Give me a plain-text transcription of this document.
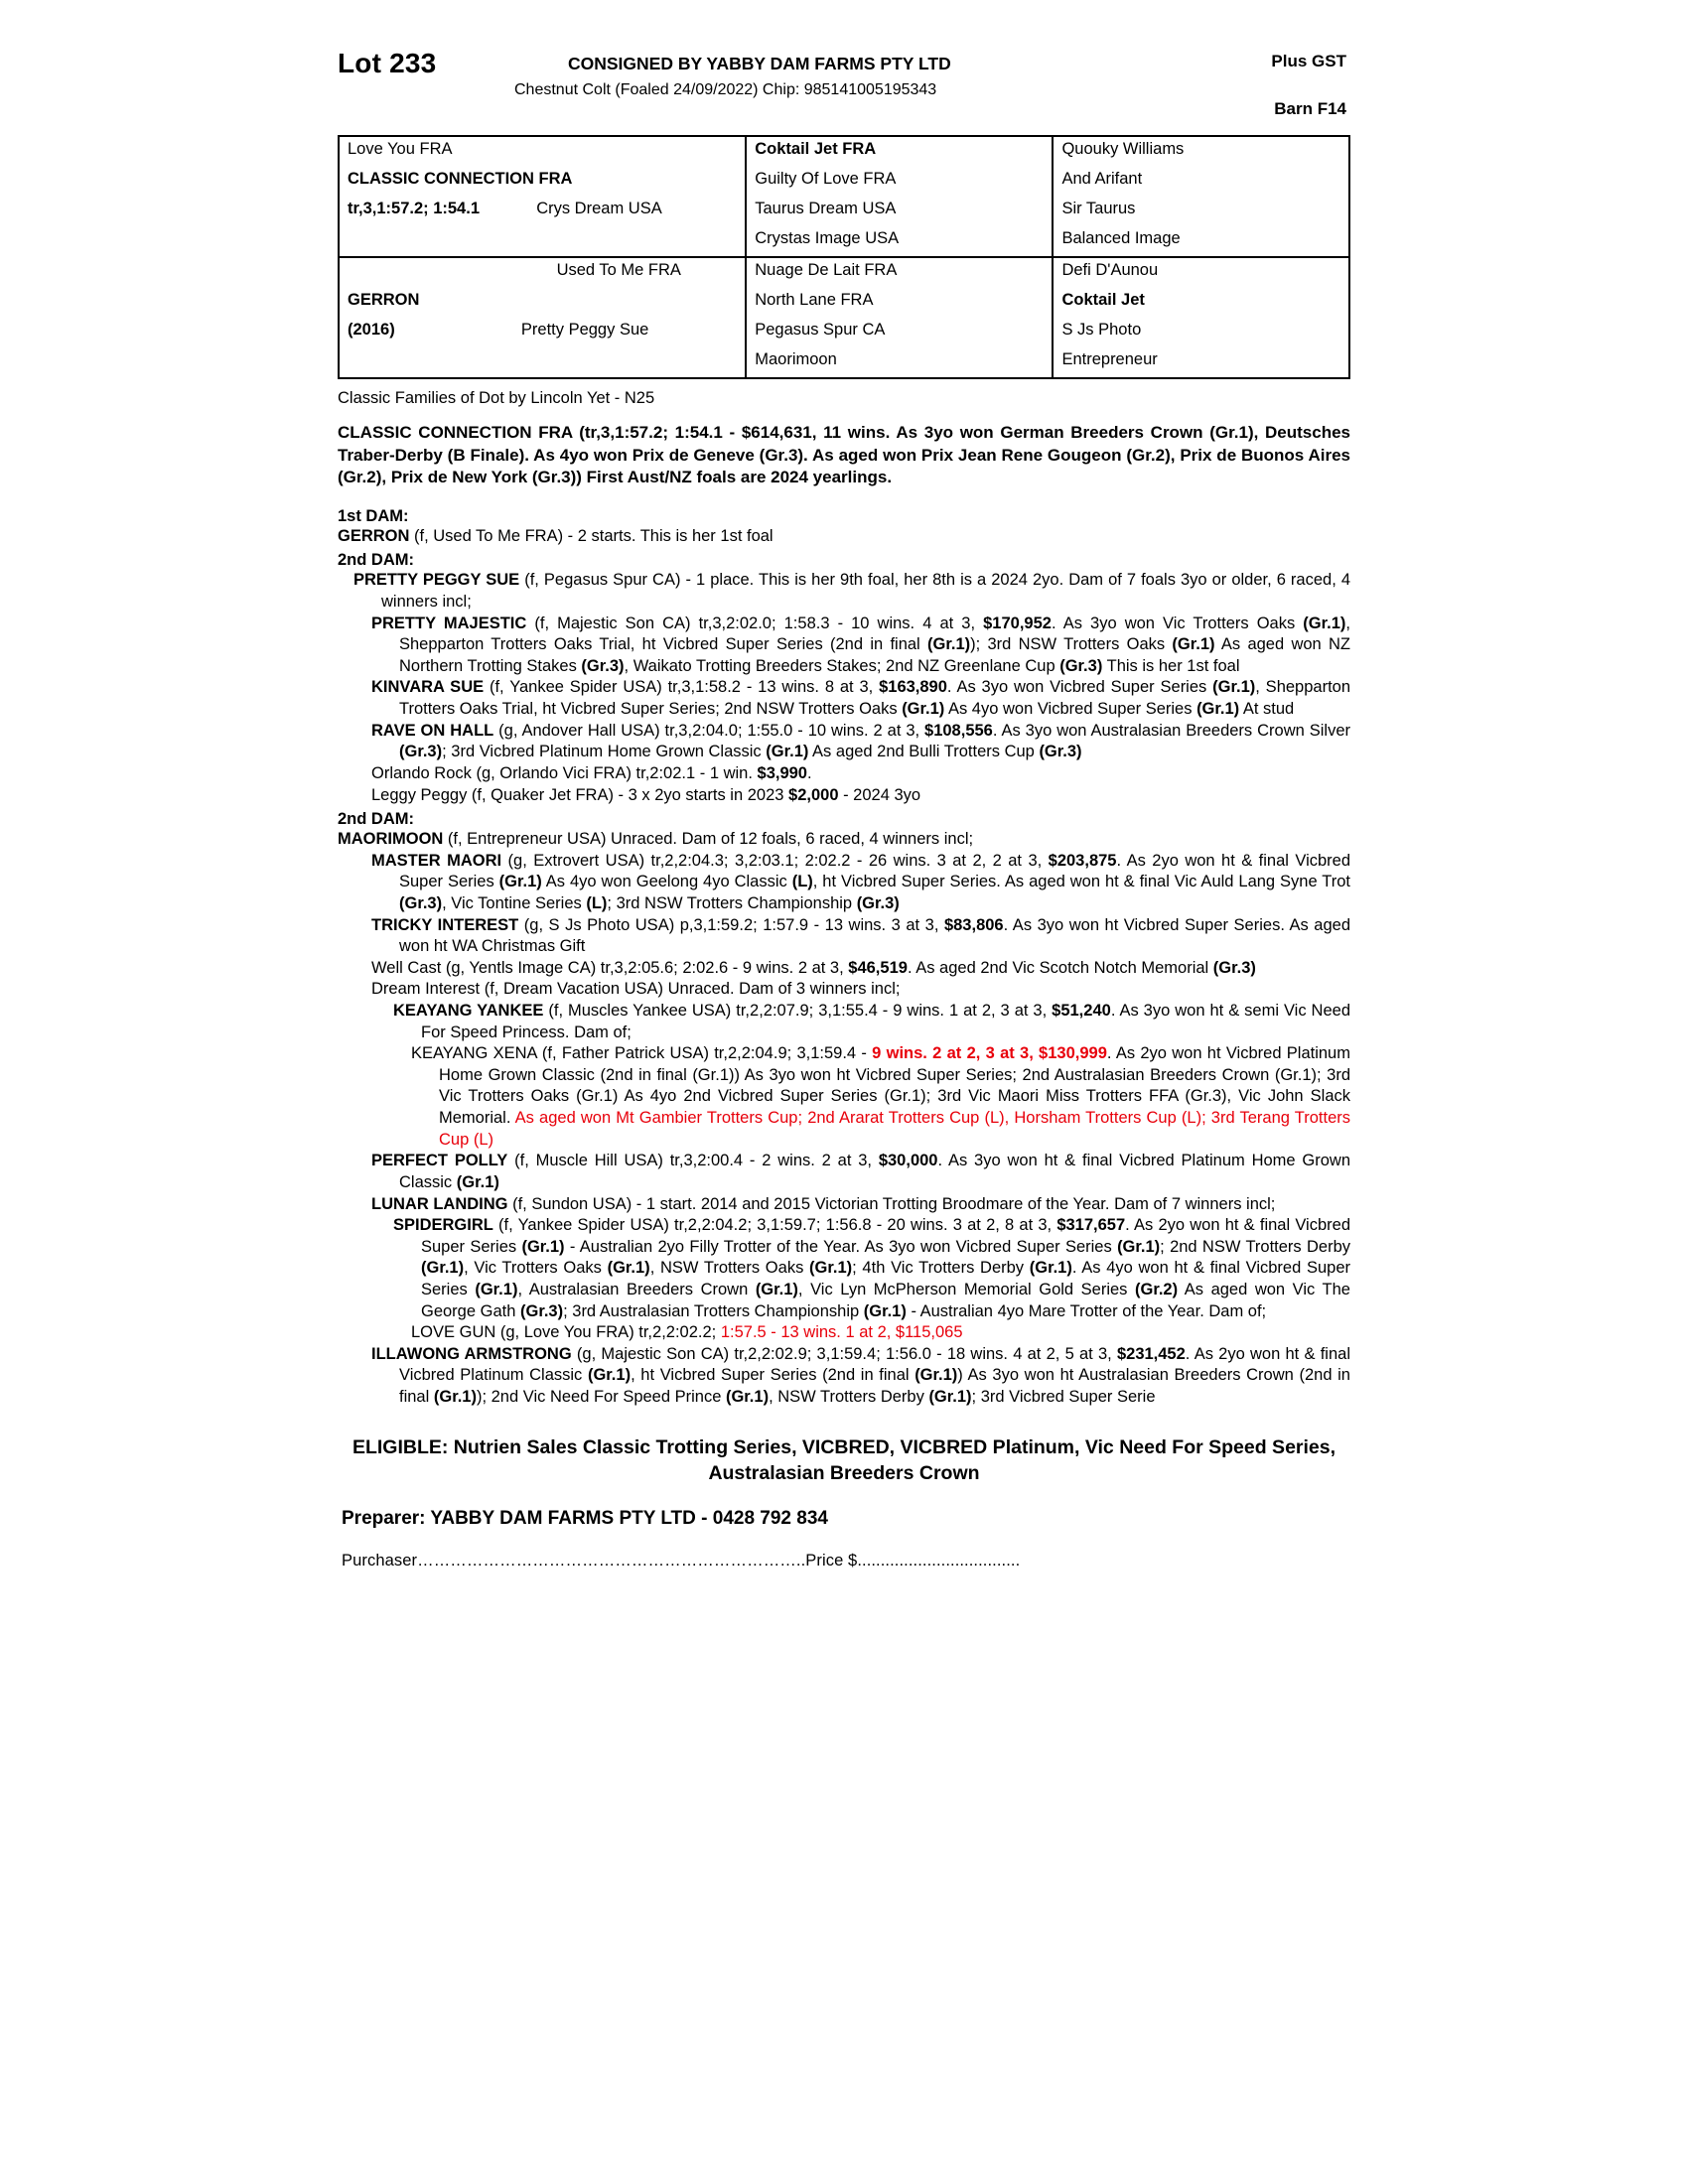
Lot 233	CONSIGNED BY YABBY DAM FARMS PTY LTD
Chestnut Colt (Foaled 24/09/2022) Chip: 985141005195343
Plus GST
Barn F14
Love You FRA	Coktail Jet FRA	Quouky Williams
CLASSIC CONNECTION FRA	Guilty Of Love FRA	And Arifant
tr,3,1:57.2; 1:54.1 Crys Dream USA	Taurus Dream USA	Sir Taurus
	Crystas Image USA	Balanced Image
Used To Me FRA	Nuage De Lait FRA	Defi D'Aunou
GERRON	North Lane FRA	Coktail Jet
(2016) Pretty Peggy Sue	Pegasus Spur CA	S Js Photo
	Maorimoon	Entrepreneur
Classic Families of Dot by Lincoln Yet - N25
CLASSIC CONNECTION FRA (tr,3,1:57.2; 1:54.1 - $614,631, 11 wins. As 3yo won German Breeders Crown (Gr.1), Deutsches Traber-Derby (B Finale). As 4yo won Prix de Geneve (Gr.3). As aged won Prix Jean Rene Gougeon (Gr.2), Prix de Buonos Aires (Gr.2), Prix de New York (Gr.3)) First Aust/NZ foals are 2024 yearlings.
1st DAM:

GERRON (f, Used To Me FRA) - 2 starts. This is her 1st foal

2nd DAM:

PRETTY PEGGY SUE (f, Pegasus Spur CA) - 1 place. This is her 9th foal, her 8th is a 2024 2yo. Dam of 7 foals 3yo or older, 6 raced, 4 winners incl;

PRETTY MAJESTIC (f, Majestic Son CA) tr,3,2:02.0; 1:58.3 - 10 wins. 4 at 3, $170,952. As 3yo won Vic Trotters Oaks (Gr.1), Shepparton Trotters Oaks Trial, ht Vicbred Super Series (2nd in final (Gr.1)); 3rd NSW Trotters Oaks (Gr.1) As aged won NZ Northern Trotting Stakes (Gr.3), Waikato Trotting Breeders Stakes; 2nd NZ Greenlane Cup (Gr.3) This is her 1st foal

KINVARA SUE (f, Yankee Spider USA) tr,3,1:58.2 - 13 wins. 8 at 3, $163,890. As 3yo won Vicbred Super Series (Gr.1), Shepparton Trotters Oaks Trial, ht Vicbred Super Series; 2nd NSW Trotters Oaks (Gr.1) As 4yo won Vicbred Super Series (Gr.1) At stud

RAVE ON HALL (g, Andover Hall USA) tr,3,2:04.0; 1:55.0 - 10 wins. 2 at 3, $108,556. As 3yo won Australasian Breeders Crown Silver (Gr.3); 3rd Vicbred Platinum Home Grown Classic (Gr.1) As aged 2nd Bulli Trotters Cup (Gr.3)

Orlando Rock (g, Orlando Vici FRA) tr,2:02.1 - 1 win. $3,990.

Leggy Peggy (f, Quaker Jet FRA) - 3 x 2yo starts in 2023 $2,000 - 2024 3yo

2nd DAM:

MAORIMOON (f, Entrepreneur USA) Unraced. Dam of 12 foals, 6 raced, 4 winners incl;

MASTER MAORI (g, Extrovert USA) tr,2,2:04.3; 3,2:03.1; 2:02.2 - 26 wins. 3 at 2, 2 at 3, $203,875. As 2yo won ht & final Vicbred Super Series (Gr.1) As 4yo won Geelong 4yo Classic (L), ht Vicbred Super Series. As aged won ht & final Vic Auld Lang Syne Trot (Gr.3), Vic Tontine Series (L); 3rd NSW Trotters Championship (Gr.3)

TRICKY INTEREST (g, S Js Photo USA) p,3,1:59.2; 1:57.9 - 13 wins. 3 at 3, $83,806. As 3yo won ht Vicbred Super Series. As aged won ht WA Christmas Gift

Well Cast (g, Yentls Image CA) tr,3,2:05.6; 2:02.6 - 9 wins. 2 at 3, $46,519. As aged 2nd Vic Scotch Notch Memorial (Gr.3)

Dream Interest (f, Dream Vacation USA) Unraced. Dam of 3 winners incl;

KEAYANG YANKEE (f, Muscles Yankee USA) tr,2,2:07.9; 3,1:55.4 - 9 wins. 1 at 2, 3 at 3, $51,240. As 3yo won ht & semi Vic Need For Speed Princess. Dam of;

KEAYANG XENA (f, Father Patrick USA) tr,2,2:04.9; 3,1:59.4 - 9 wins. 2 at 2, 3 at 3, $130,999. As 2yo won ht Vicbred Platinum Home Grown Classic (2nd in final (Gr.1)) As 3yo won ht Vicbred Super Series; 2nd Australasian Breeders Crown (Gr.1); 3rd Vic Trotters Oaks (Gr.1) As 4yo 2nd Vicbred Super Series (Gr.1); 3rd Vic Maori Miss Trotters FFA (Gr.3), Vic John Slack Memorial. As aged won Mt Gambier Trotters Cup; 2nd Ararat Trotters Cup (L), Horsham Trotters Cup (L); 3rd Terang Trotters Cup (L)

PERFECT POLLY (f, Muscle Hill USA) tr,3,2:00.4 - 2 wins. 2 at 3, $30,000. As 3yo won ht & final Vicbred Platinum Home Grown Classic (Gr.1)

LUNAR LANDING (f, Sundon USA) - 1 start. 2014 and 2015 Victorian Trotting Broodmare of the Year. Dam of 7 winners incl;

SPIDERGIRL (f, Yankee Spider USA) tr,2,2:04.2; 3,1:59.7; 1:56.8 - 20 wins. 3 at 2, 8 at 3, $317,657. As 2yo won ht & final Vicbred Super Series (Gr.1) - Australian 2yo Filly Trotter of the Year. As 3yo won Vicbred Super Series (Gr.1); 2nd NSW Trotters Derby (Gr.1), Vic Trotters Oaks (Gr.1), NSW Trotters Oaks (Gr.1); 4th Vic Trotters Derby (Gr.1). As 4yo won ht & final Vicbred Super Series (Gr.1), Australasian Breeders Crown (Gr.1), Vic Lyn McPherson Memorial Gold Series (Gr.2) As aged won Vic The George Gath (Gr.3); 3rd Australasian Trotters Championship (Gr.1) - Australian 4yo Mare Trotter of the Year. Dam of;

LOVE GUN (g, Love You FRA) tr,2,2:02.2; 1:57.5 - 13 wins. 1 at 2, $115,065

ILLAWONG ARMSTRONG (g, Majestic Son CA) tr,2,2:02.9; 3,1:59.4; 1:56.0 - 18 wins. 4 at 2, 5 at 3, $231,452. As 2yo won ht & final Vicbred Platinum Classic (Gr.1), ht Vicbred Super Series (2nd in final (Gr.1)) As 3yo won ht Australasian Breeders Crown (2nd in final (Gr.1)); 2nd Vic Need For Speed Prince (Gr.1), NSW Trotters Derby (Gr.1); 3rd Vicbred Super Serie

ELIGIBLE: Nutrien Sales Classic Trotting Series, VICBRED, VICBRED Platinum, Vic Need For Speed Series, Australasian Breeders Crown
Preparer: YABBY DAM FARMS PTY LTD - 0428 792 834
Purchaser……………………………………………………………..Price $...................................
